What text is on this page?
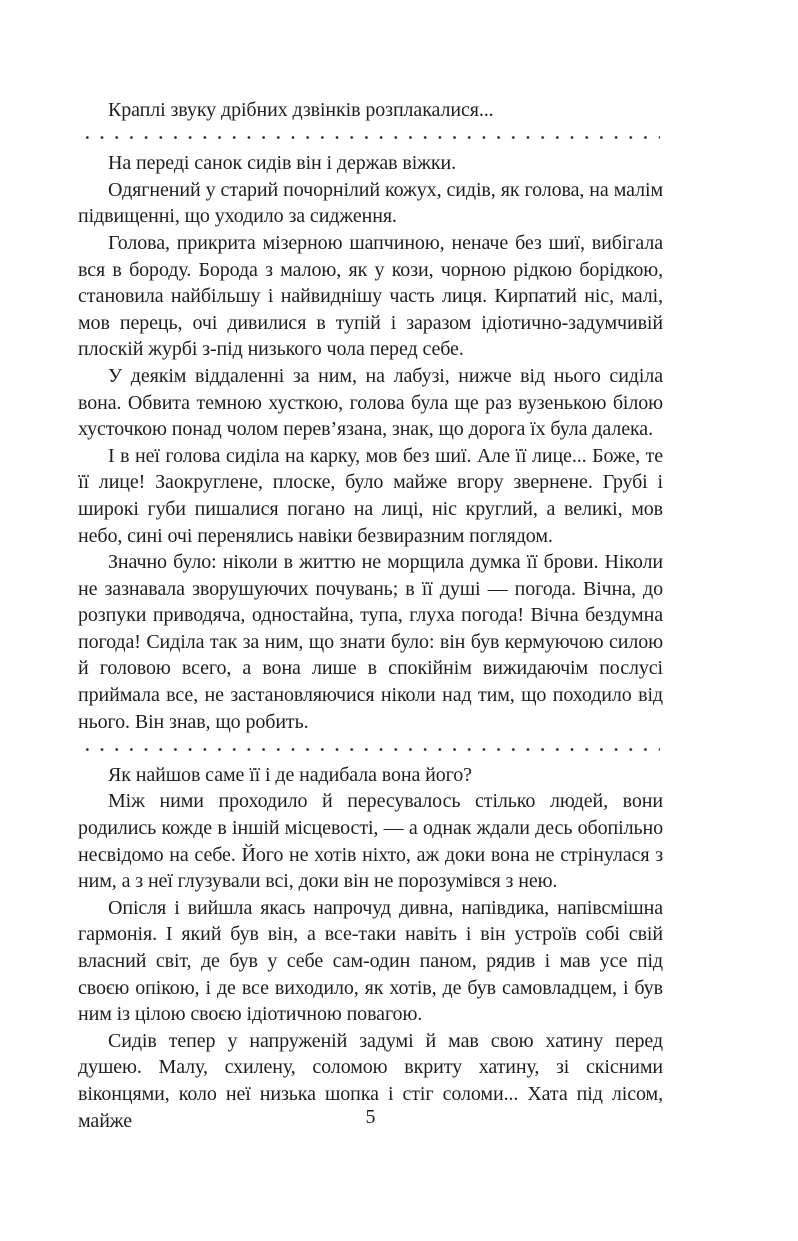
Краплі звуку дрібних дзвінків розплакалися...

На переді санок сидів він і держав віжки.

Одягнений у старий почорнілий кожух, сидів, як голова, на малім підвищенні, що уходило за сидження.

Голова, прикрита мізерною шапчиною, неначе без шиї, вибігала вся в бороду. Борода з малою, як у кози, чорною рідкою борідкою, становила найбільшу і найвиднішу часть лиця. Кирпатий ніс, малі, мов перець, очі дивилися в тупій і заразом ідіотично-задумчивій плоскій журбі з-під низького чола перед себе.

У деякім віддаленні за ним, на лабузі, нижче від нього сиділа вона. Обвита темною хусткою, голова була ще раз вузенькою білою хусточкою понад чолом перев’язана, знак, що дорога їх була далека.

І в неї голова сиділа на карку, мов без шиї. Але її лице... Боже, те її лице! Заокруглене, плоске, було майже вгору звернене. Грубі і широкі губи пишалися погано на лиці, ніс круглий, а великі, мов небо, сині очі перенялись навіки безвиразним поглядом.

Значно було: ніколи в життю не морщила думка її брови. Ніколи не зазнавала зворушуючих почувань; в її душі — погода. Вічна, до розпуки приводяча, одностайна, тупа, глуха погода! Вічна бездумна погода! Сиділа так за ним, що знати було: він був кермуючою силою й головою всего, а вона лише в спокійнім вижидаючім послусі приймала все, не застановляючися ніколи над тим, що походило від нього. Він знав, що робить.

Як найшов саме її і де надибала вона його?

Між ними проходило й пересувалось стілько людей, вони родились кожде в іншій місцевості, — а однак ждали десь обопільно несвідомо на себе. Його не хотів ніхто, аж доки вона не стрінулася з ним, а з неї глузували всі, доки він не порозумівся з нею.

Опісля і вийшла якась напрочуд дивна, напівдика, напівсмішна гармонія. І який був він, а все-таки навіть і він устроїв собі свій власний світ, де був у себе сам-один паном, рядив і мав усе під своєю опікою, і де все виходило, як хотів, де був самовладцем, і був ним із цілою своєю ідіотичною повагою.

Сидів тепер у напруженій задумі й мав свою хатину перед душею. Малу, схилену, соломою вкриту хатину, зі скісними віконцями, коло неї низька шопка і стіг соломи... Хата під лісом, майже	5
